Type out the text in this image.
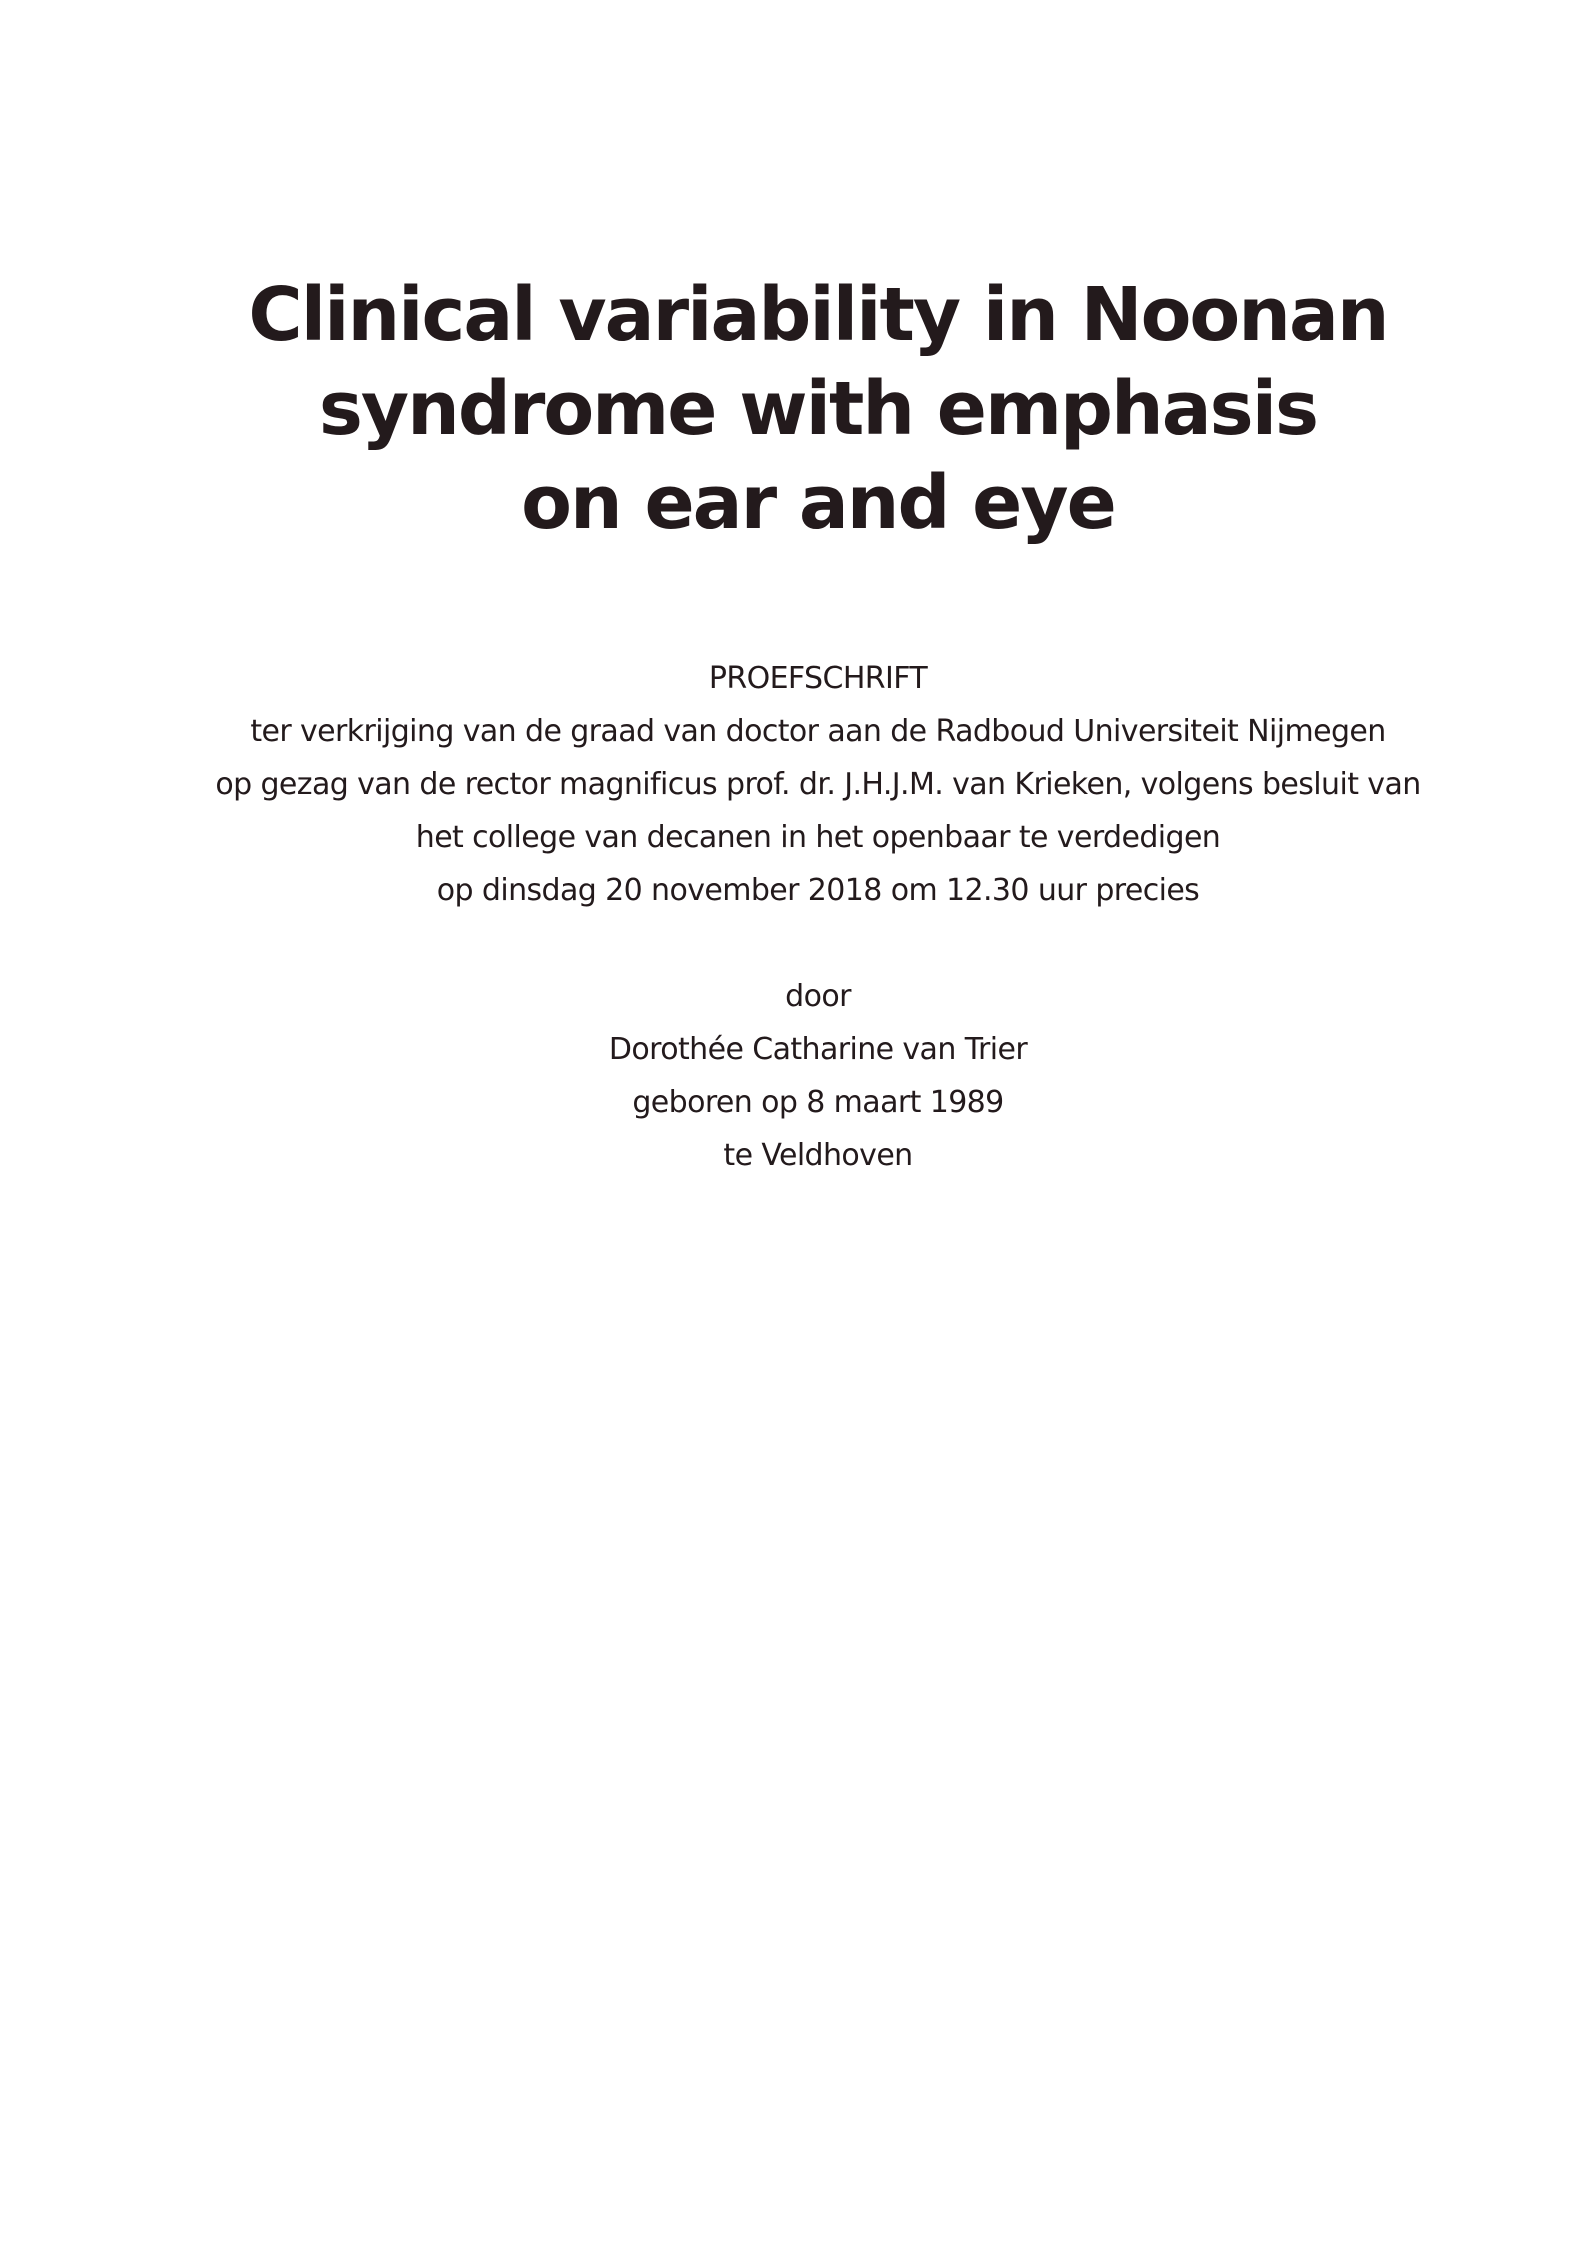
Clinical variability in Noonan
syndrome with emphasis
on ear and eye
PROEFSCHRIFT
ter verkrijging van de graad van doctor aan de Radboud Universiteit Nijmegen
op gezag van de rector magnificus prof. dr. J.H.J.M. van Krieken, volgens besluit van
het college van decanen in het openbaar te verdedigen
op dinsdag 20 november 2018 om 12.30 uur precies
door
Dorothée Catharine van Trier
geboren op 8 maart 1989
te Veldhoven
